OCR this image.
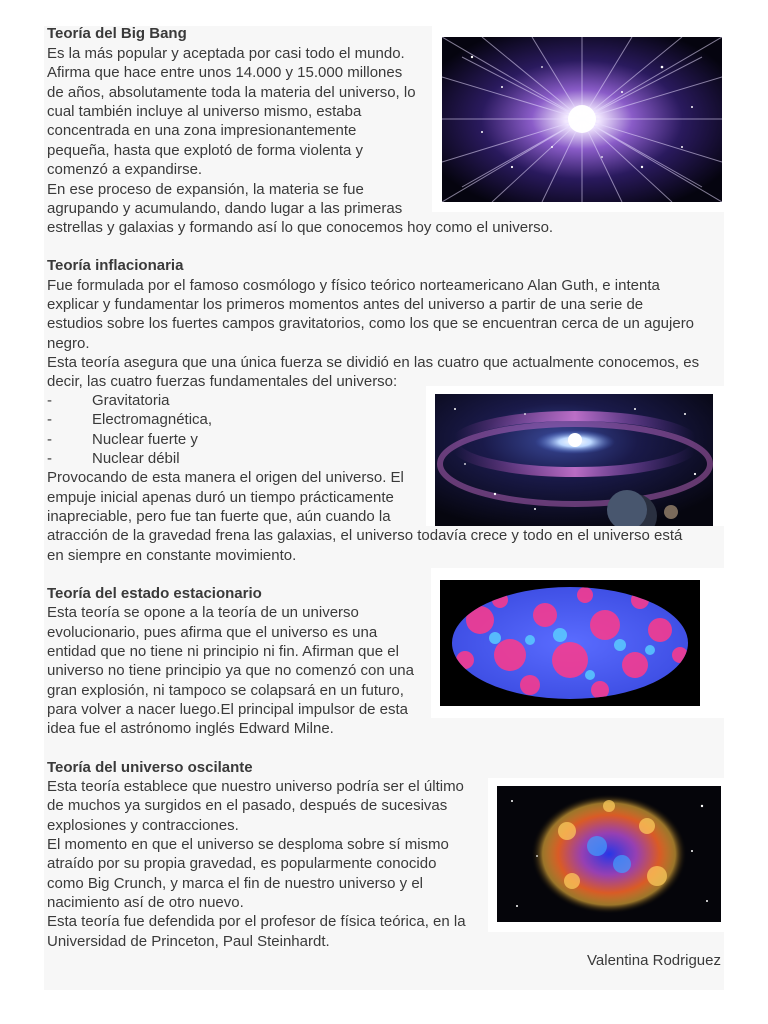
Teoría del Big Bang
Es la más popular y aceptada por casi todo el mundo.
Afirma que hace entre unos 14.000 y 15.000 millones
de años, absolutamente toda la materia del universo, lo
cual también incluye al universo mismo, estaba
concentrada en una zona impresionantemente
pequeña, hasta que explotó de forma violenta y
comenzó a expandirse.
En ese proceso de expansión, la materia se fue
agrupando y acumulando, dando lugar a las primeras
estrellas y galaxias y formando así lo que conocemos hoy como el universo.
Teoría inflacionaria
Fue formulada por el famoso cosmólogo y físico teórico norteamericano Alan Guth, e intenta
explicar y fundamentar los primeros momentos antes del universo a partir de una serie de
estudios sobre los fuertes campos gravitatorios, como los que se encuentran cerca de un agujero
negro.
Esta teoría asegura que una única fuerza se dividió en las cuatro que actualmente conocemos, es
decir, las cuatro fuerzas fundamentales del universo:
-	Gravitatoria
-	Electromagnética,
-	Nuclear fuerte y
-	Nuclear débil
Provocando de esta manera el origen del universo. El
empuje inicial apenas duró un tiempo prácticamente
inapreciable, pero fue tan fuerte que, aún cuando la
atracción de la gravedad frena las galaxias, el universo todavía crece y todo en el universo está
en siempre en constante movimiento.
Teoría del estado estacionario
Esta teoría se opone a la teoría de un universo
evolucionario, pues afirma que el universo es una
entidad que no tiene ni principio ni fin. Afirman que el
universo no tiene principio ya que no comenzó con una
gran explosión, ni tampoco se colapsará en un futuro,
para volver a nacer luego.El principal impulsor de esta
idea fue el astrónomo inglés Edward Milne.
Teoría del universo oscilante
Esta teoría establece que nuestro universo podría ser el último
de muchos ya surgidos en el pasado, después de sucesivas
explosiones y contracciones.
El momento en que el universo se desploma sobre sí mismo
atraído por su propia gravedad, es popularmente conocido
como Big Crunch, y marca el fin de nuestro universo y el
nacimiento así de otro nuevo.
Esta teoría fue defendida por el profesor de física teórica, en la
Universidad de Princeton, Paul Steinhardt.
Valentina Rodriguez
